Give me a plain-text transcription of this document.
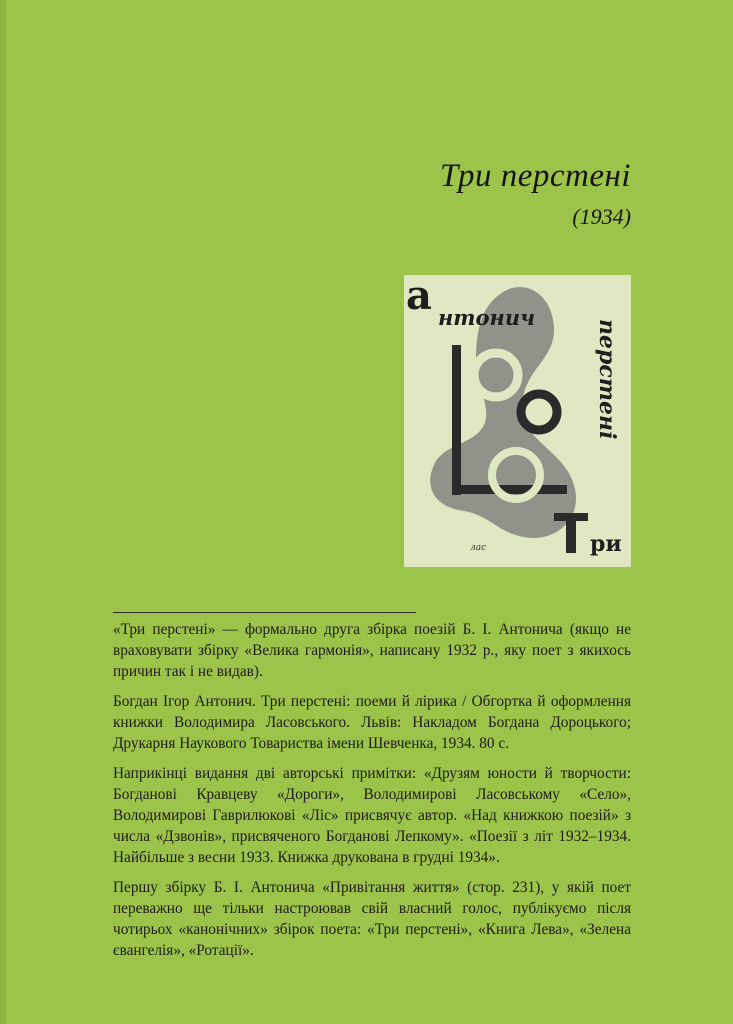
Три перстені
(1934)
а нтонич
перстені
ри
лас

«Три перстені» — формально друга збірка поезій Б. І. Антонича (якщо не враховувати збірку «Велика гармонія», написану 1932 р., яку поет з якихось причин так і не видав).

Богдан Ігор Антонич. Три перстені: поеми й лірика / Обгортка й оформлення книжки Володимира Ласовського. Львів: Накладом Богдана Дороцького; Друкарня Наукового Товариства імени Шевченка, 1934. 80 с.

Наприкінці видання дві авторські примітки: «Друзям юности й творчости: Богданові Кравцеву «Дороги», Володимирові Ласовському «Село», Володимирові Гаврилюкові «Ліс» присвячує автор. «Над книжкою поезій» з числа «Дзвонів», присвяченого Богданові Лепкому». «Поезії з літ 1932–1934. Найбільше з весни 1933. Книжка друкована в грудні 1934».

Першу збірку Б. І. Антонича «Привітання життя» (стор. 231), у якій поет переважно ще тільки настроював свій власний голос, публікуємо після чотирьох «канонічних» збірок поета: «Три перстені», «Книга Лева», «Зелена євангелія», «Ротації».
